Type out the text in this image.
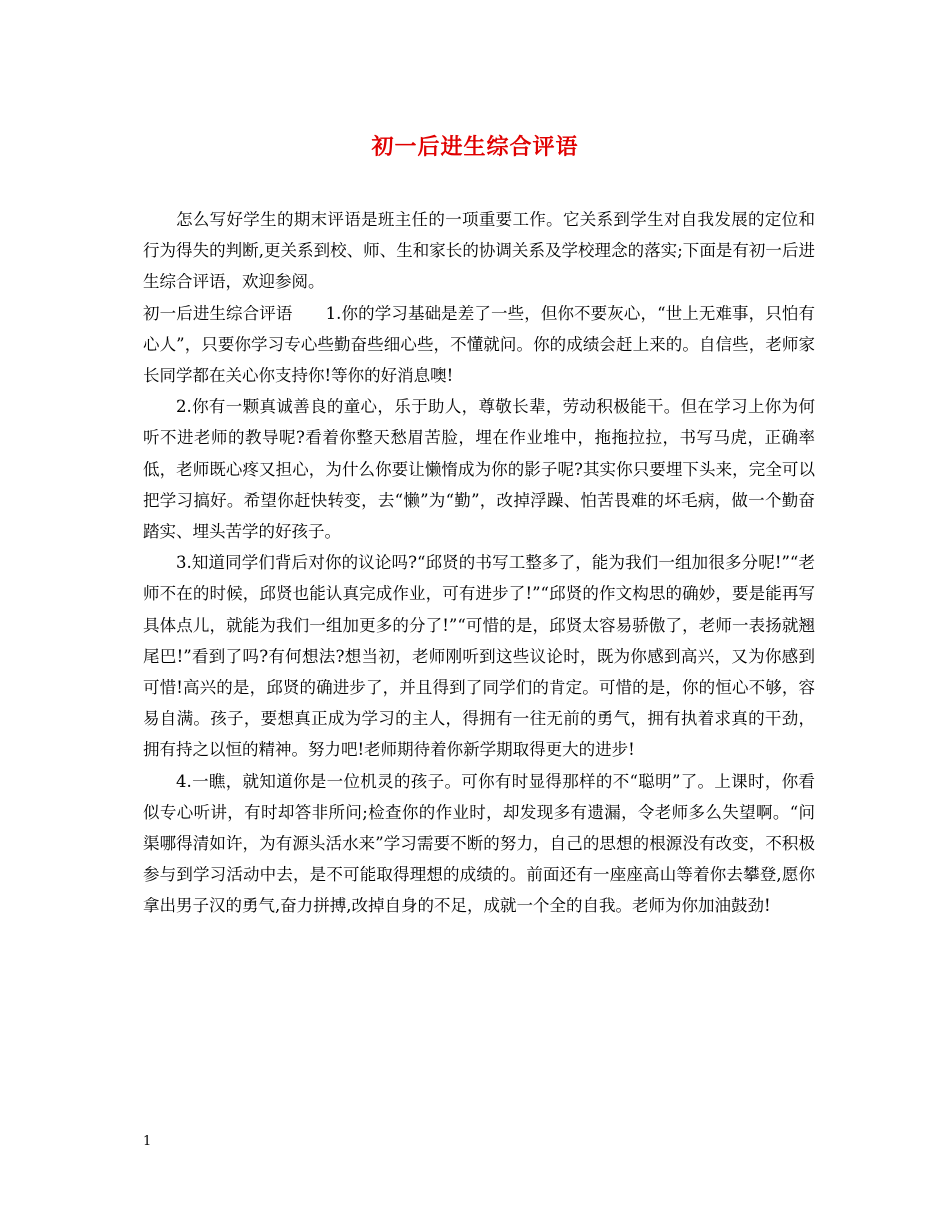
初一后进生综合评语

怎么写好学生的期末评语是班主任的一项重要工作。它关系到学生对自我发展的定位和行为得失的判断,更关系到校、师、生和家长的协调关系及学校理念的落实;下面是有初一后进生综合评语，欢迎参阅。

初一后进生综合评语　　1.你的学习基础是差了一些，但你不要灰心，“世上无难事，只怕有心人”，只要你学习专心些勤奋些细心些，不懂就问。你的成绩会赶上来的。自信些，老师家长同学都在关心你支持你!等你的好消息噢!

2.你有一颗真诚善良的童心，乐于助人，尊敬长辈，劳动积极能干。但在学习上你为何听不进老师的教导呢?看着你整天愁眉苦脸，埋在作业堆中，拖拖拉拉，书写马虎，正确率低，老师既心疼又担心，为什么你要让懒惰成为你的影子呢?其实你只要埋下头来，完全可以把学习搞好。希望你赶快转变，去“懒”为“勤”，改掉浮躁、怕苦畏难的坏毛病，做一个勤奋踏实、埋头苦学的好孩子。

3.知道同学们背后对你的议论吗?“邱贤的书写工整多了，能为我们一组加很多分呢!”“老师不在的时候，邱贤也能认真完成作业，可有进步了!”“邱贤的作文构思的确妙，要是能再写具体点儿，就能为我们一组加更多的分了!”“可惜的是，邱贤太容易骄傲了，老师一表扬就翘尾巴!”看到了吗?有何想法?想当初，老师刚听到这些议论时，既为你感到高兴，又为你感到可惜!高兴的是，邱贤的确进步了，并且得到了同学们的肯定。可惜的是，你的恒心不够，容易自满。孩子，要想真正成为学习的主人，得拥有一往无前的勇气，拥有执着求真的干劲，拥有持之以恒的精神。努力吧!老师期待着你新学期取得更大的进步!

4.一瞧，就知道你是一位机灵的孩子。可你有时显得那样的不“聪明”了。上课时，你看似专心听讲，有时却答非所问;检查你的作业时，却发现多有遗漏，令老师多么失望啊。“问渠哪得清如许，为有源头活水来”学习需要不断的努力，自己的思想的根源没有改变，不积极参与到学习活动中去，是不可能取得理想的成绩的。前面还有一座座高山等着你去攀登,愿你拿出男子汉的勇气,奋力拼搏,改掉自身的不足，成就一个全的自我。老师为你加油鼓劲!

1
